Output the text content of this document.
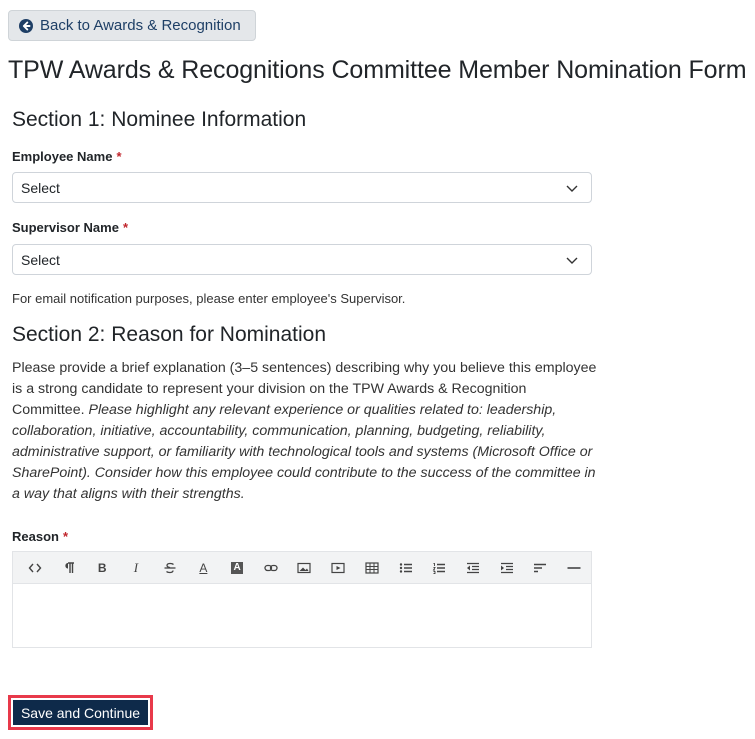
Back to Awards & Recognition
TPW Awards & Recognitions Committee Member Nomination Form
Section 1: Nominee Information
Employee Name *
Select
Supervisor Name *
Select
For email notification purposes, please enter employee's Supervisor.
Section 2: Reason for Nomination

Please provide a brief explanation (3–5 sentences) describing why you believe this employee is a strong candidate to represent your division on the TPW Awards & Recognition Committee. Please highlight any relevant experience or qualities related to: leadership, collaboration, initiative, accountability, communication, planning, budgeting, reliability, administrative support, or familiarity with technological tools and systems (Microsoft Office or SharePoint). Consider how this employee could contribute to the success of the committee in a way that aligns with their strengths.

Reason *
B	I	A	A
Save and Continue
